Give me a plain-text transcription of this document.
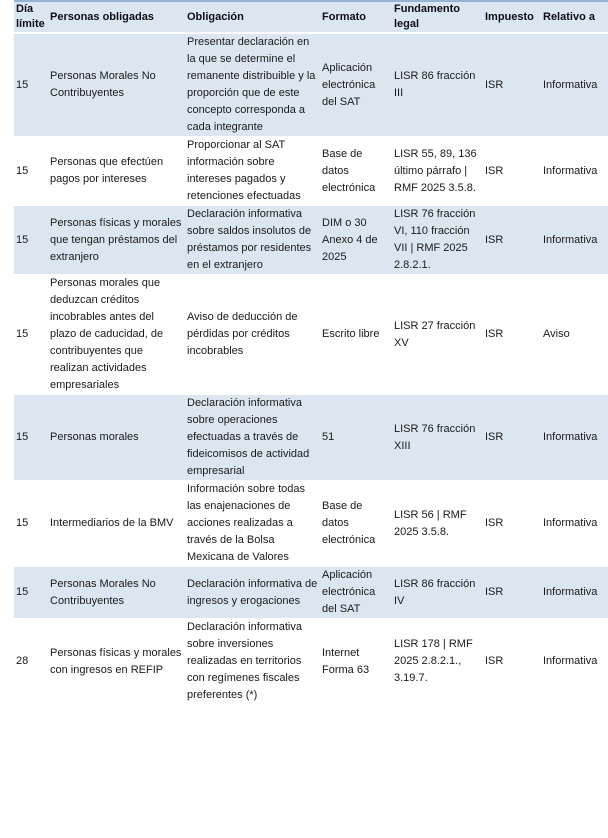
Día límite	Personas obligadas	Obligación	Formato	Fundamento legal	Impuesto	Relativo a
15	Personas Morales No Contribuyentes	Presentar declaración en la que se determine el remanente distribuible y la proporción que de este concepto corresponda a cada integrante	Aplicación electrónica del SAT	LISR 86 fracción III	ISR	Informativa
15	Personas que efectúen pagos por intereses	Proporcionar al SAT información sobre intereses pagados y retenciones efectuadas	Base de datos electrónica	LISR 55, 89, 136 último párrafo | RMF 2025 3.5.8.	ISR	Informativa
15	Personas físicas y morales que tengan préstamos del extranjero	Declaración informativa sobre saldos insolutos de préstamos por residentes en el extranjero	DIM o 30 Anexo 4 de 2025	LISR 76 fracción VI, 110 fracción VII | RMF 2025 2.8.2.1.	ISR	Informativa
15	Personas morales que deduzcan créditos incobrables antes del plazo de caducidad, de contribuyentes que realizan actividades empresariales	Aviso de deducción de pérdidas por créditos incobrables	Escrito libre	LISR 27 fracción XV	ISR	Aviso
15	Personas morales	Declaración informativa sobre operaciones efectuadas a través de fideicomisos de actividad empresarial	51	LISR 76 fracción XIII	ISR	Informativa
15	Intermediarios de la BMV	Información sobre todas las enajenaciones de acciones realizadas a través de la Bolsa Mexicana de Valores	Base de datos electrónica	LISR 56 | RMF 2025 3.5.8.	ISR	Informativa
15	Personas Morales No Contribuyentes	Declaración informativa de ingresos y erogaciones	Aplicación electrónica del SAT	LISR 86 fracción IV	ISR	Informativa
28	Personas físicas y morales con ingresos en REFIP	Declaración informativa sobre inversiones realizadas en territorios con regímenes fiscales preferentes (*)	Internet Forma 63	LISR 178 | RMF 2025 2.8.2.1., 3.19.7.	ISR	Informativa
